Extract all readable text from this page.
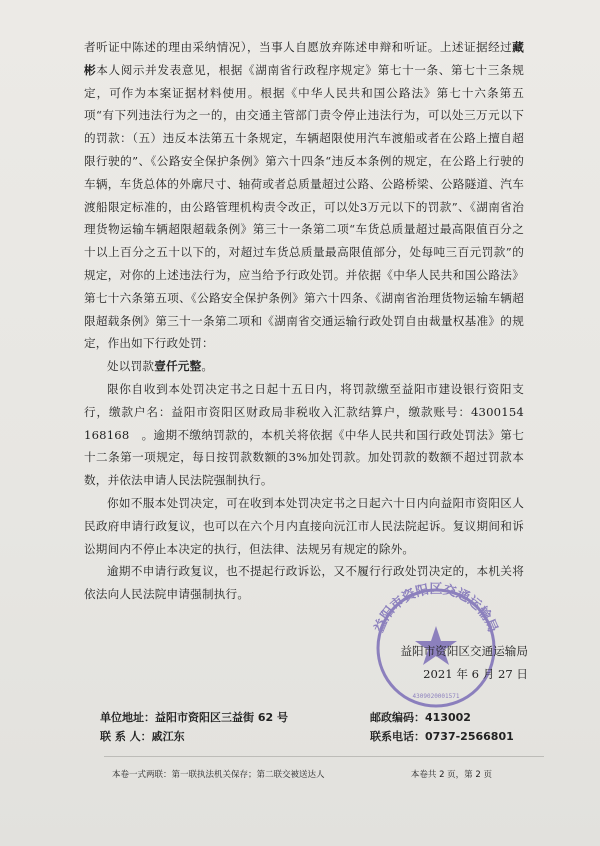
者听证中陈述的理由采纳情况），当事人自愿放弃陈述申辩和听证。上述证据经过藏　彬本人阅示并发表意见，根据《湖南省行政程序规定》第七十一条、第七十三条规定，可作为本案证据材料使用。根据《中华人民共和国公路法》第七十六条第五项“有下列违法行为之一的，由交通主管部门责令停止违法行为，可以处三万元以下的罚款：（五）违反本法第五十条规定，车辆超限使用汽车渡船或者在公路上擅自超限行驶的”、《公路安全保护条例》第六十四条“违反本条例的规定，在公路上行驶的车辆，车货总体的外廓尺寸、轴荷或者总质量超过公路、公路桥梁、公路隧道、汽车渡船限定标准的，由公路管理机构责令改正，可以处3万元以下的罚款”、《湖南省治理货物运输车辆超限超载条例》第三十一条第二项“车货总质量超过最高限值百分之十以上百分之五十以下的，对超过车货总质量最高限值部分，处每吨三百元罚款”的规定，对你的上述违法行为，应当给予行政处罚。并依据《中华人民共和国公路法》第七十六条第五项、《公路安全保护条例》第六十四条、《湖南省治理货物运输车辆超限超载条例》第三十一条第二项和《湖南省交通运输行政处罚自由裁量权基准》的规定，作出如下行政处罚：

处以罚款壹仟元整。

限你自收到本处罚决定书之日起十五日内，将罚款缴至益阳市建设银行资阳支行，缴款户名：益阳市资阳区财政局非税收入汇款结算户，缴款账号：4300154　　168168　。逾期不缴纳罚款的，本机关将依据《中华人民共和国行政处罚法》第七十二条第一项规定，每日按罚款数额的3%加处罚款。加处罚款的数额不超过罚款本数，并依法申请人民法院强制执行。

你如不服本处罚决定，可在收到本处罚决定书之日起六十日内向益阳市资阳区人民政府申请行政复议，也可以在六个月内直接向沅江市人民法院起诉。复议期间和诉讼期间内不停止本决定的执行，但法律、法规另有规定的除外。

逾期不申请行政复议，也不提起行政诉讼，又不履行行政处罚决定的，本机关将依法向人民法院申请强制执行。

益阳市资阳区交通运输局
4309020001571
益阳市资阳区交通运输局
2021 年 6 月 27 日
单位地址：益阳市资阳区三益街 62 号	邮政编码：413002
联 系 人：戚江东	联系电话：0737-2566801
本卷一式两联：第一联执法机关保存；第二联交被送达人	本卷共 2 页，第 2 页
